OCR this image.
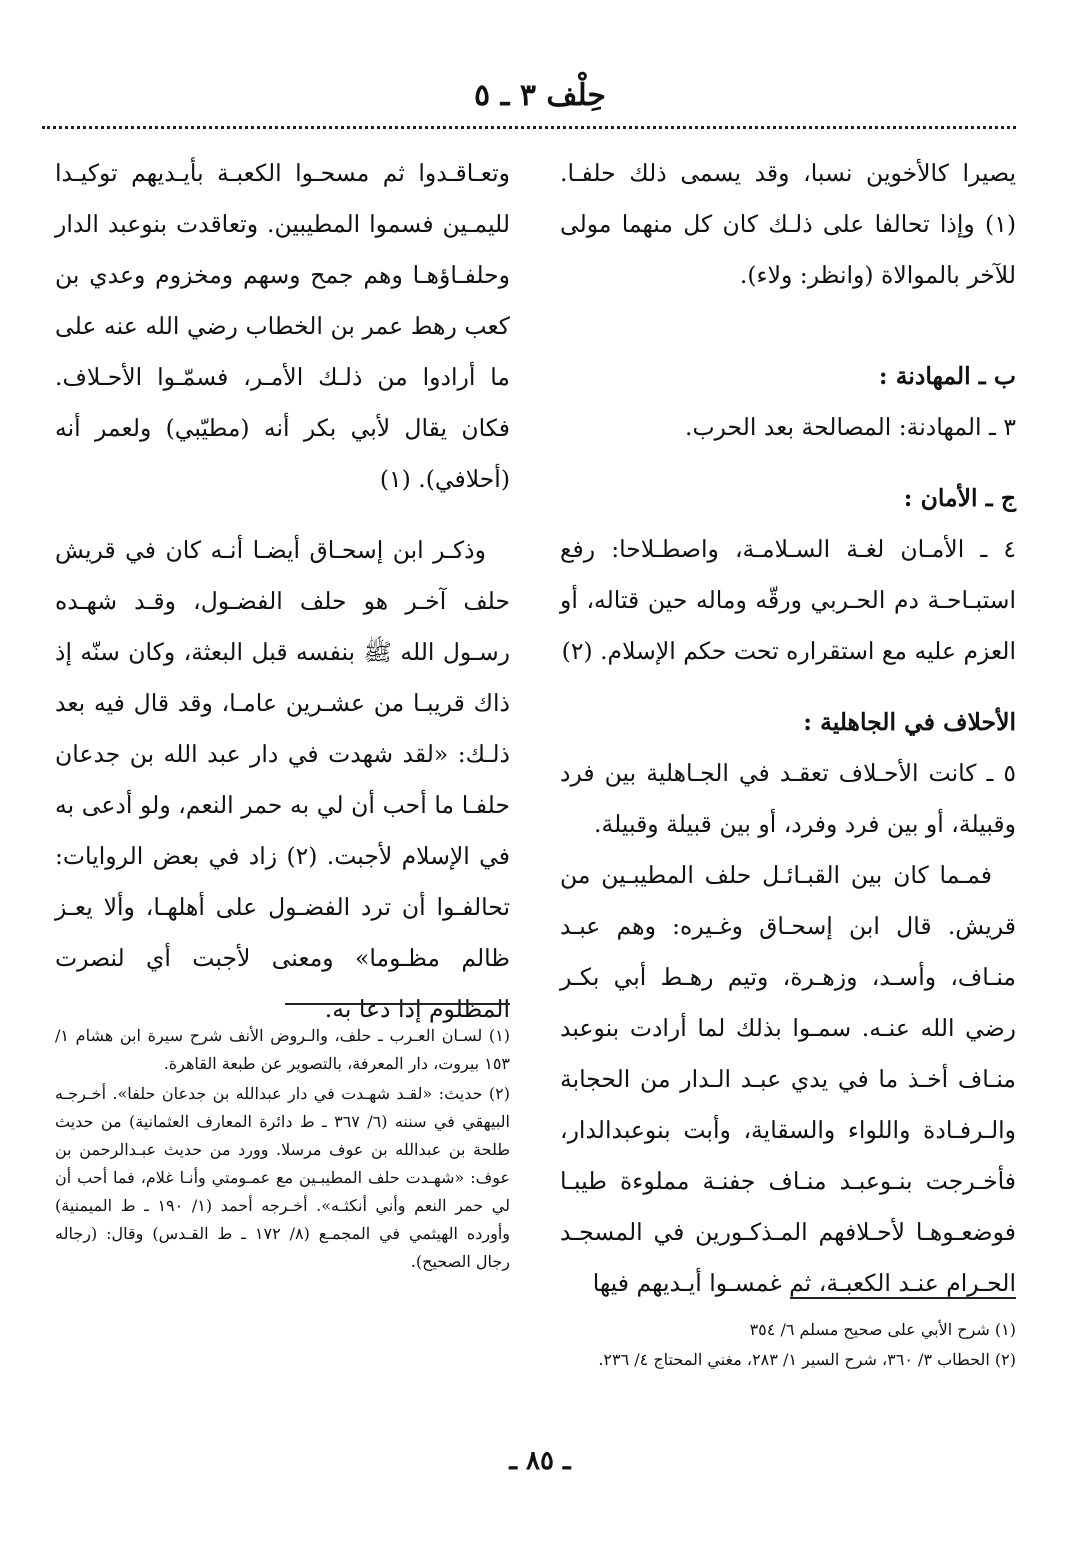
حِلْف ٣ ـ ٥

يصيرا كالأخوين نسبا، وقد يسمى ذلك حلفـا. (١) وإذا تحالفا على ذلـك كان كل منهما مولى للآخر بالموالاة (وانظر: ولاء).

ب ـ المهادنة :

٣ ـ المهادنة: المصالحة بعد الحرب.

ج ـ الأمان :

٤ ـ الأمـان لغـة السـلامـة، واصطـلاحا: رفع استبـاحـة دم الحـربي ورقّه وماله حين قتاله، أو العزم عليه مع استقراره تحت حكم الإسلام. (٢)

الأحلاف في الجاهلية :

٥ ـ كانت الأحـلاف تعقـد في الجـاهلية بين فرد وقبيلة، أو بين فرد وفرد، أو بين قبيلة وقبيلة.

فمـما كان بين القبـائـل حلف المطيبـين من قريش. قال ابن إسحـاق وغـيره: وهم عبـد منـاف، وأسـد، وزهـرة، وتيم رهـط أبي بكـر رضي الله عنـه. سمـوا بذلك لما أرادت بنوعبد منـاف أخـذ ما في يدي عبـد الـدار من الحجابة والـرفـادة واللواء والسقاية، وأبت بنوعبدالدار، فأخـرجت بنـوعبـد منـاف جفنـة مملوءة طيبـا فوضعـوهـا لأحـلافهم المـذكـورين في المسجـد الحـرام عنـد الكعبـة، ثم غمسـوا أيـديهم فيها

وتعـاقـدوا ثم مسحـوا الكعبـة بأيـديهم توكيـدا لليمـين فسموا المطيبين. وتعاقدت بنوعبد الدار وحلفـاؤهـا وهم جمح وسهم ومخزوم وعدي بن كعب رهط عمر بن الخطاب رضي الله عنه على ما أرادوا من ذلـك الأمـر، فسمّـوا الأحـلاف. فكان يقال لأبي بكر أنه (مطيّبي) ولعمر أنه (أحلافي). (١)

وذكـر ابن إسحـاق أيضـا أنـه كان في قريش حلف آخـر هو حلف الفضـول، وقـد شهـده رسـول الله ﷺ بنفسه قبل البعثة، وكان سنّه إذ ذاك قريبـا من عشـرين عامـا، وقد قال فيه بعد ذلـك: «لقد شهدت في دار عبد الله بن جدعان حلفـا ما أحب أن لي به حمر النعم، ولو أدعى به في الإسلام لأجبت. (٢) زاد في بعض الروايات: تحالفـوا أن ترد الفضـول على أهلهـا، وألا يعـز ظالم مظـوما» ومعنى لأجبت أي لنصرت المظلوم إذا دعا به.

(١) لسـان العـرب ـ حلف، والـروض الأنف شرح سيرة ابن هشام ١/ ١٥٣ بيروت، دار المعرفة، بالتصوير عن طبعة القاهرة.

(٢) حديث: «لقـد شهـدت في دار عبدالله بن جدعان حلفا». أخـرجـه البيهقي في سننه (٦/ ٣٦٧ ـ ط دائرة المعارف العثمانية) من حديث طلحة بن عبدالله بن عوف مرسلا. وورد من حديث عبـدالرحمن بن عوف: «شهـدت حلف المطيبـين مع عمـومتي وأنـا غلام، فما أحب أن لي حمر النعم وأني أنكثـه». أخـرجه أحمد (١/ ١٩٠ ـ ط الميمنية) وأورده الهيثمي في المجمـع (٨/ ١٧٢ ـ ط القـدس) وقال: (رجاله رجال الصحيح).

(١) شرح الأبي على صحيح مسلم ٦/ ٣٥٤

(٢) الحطاب ٣/ ٣٦٠، شرح السير ١/ ٢٨٣، مغني المحتاج ٤/ ٢٣٦.

ـ ٨٥ ـ
